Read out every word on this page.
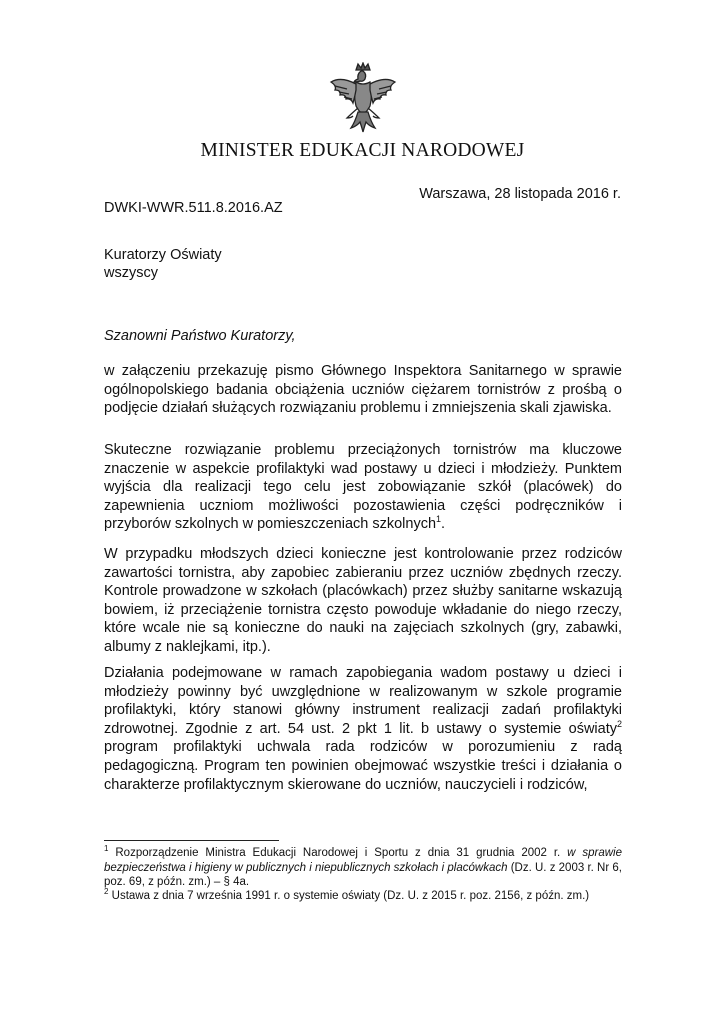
MINISTER EDUKACJI NARODOWEJ
Warszawa, 28 listopada 2016 r.
DWKI-WWR.511.8.2016.AZ
Kuratorzy Oświaty
wszyscy
Szanowni Państwo Kuratorzy,

w załączeniu przekazuję pismo Głównego Inspektora Sanitarnego w sprawie ogólnopolskiego badania obciążenia uczniów ciężarem tornistrów z prośbą o podjęcie działań służących rozwiązaniu problemu i zmniejszenia skali zjawiska.

Skuteczne rozwiązanie problemu przeciążonych tornistrów ma kluczowe znaczenie w aspekcie profilaktyki wad postawy u dzieci i młodzieży. Punktem wyjścia dla realizacji tego celu jest zobowiązanie szkół (placówek) do zapewnienia uczniom możliwości pozostawienia części podręczników i przyborów szkolnych w pomieszczeniach szkolnych$^1$.

W przypadku młodszych dzieci konieczne jest kontrolowanie przez rodziców zawartości tornistra, aby zapobiec zabieraniu przez uczniów zbędnych rzeczy. Kontrole prowadzone w szkołach (placówkach) przez służby sanitarne wskazują bowiem, iż przeciążenie tornistra często powoduje wkładanie do niego rzeczy, które wcale nie są konieczne do nauki na zajęciach szkolnych (gry, zabawki, albumy z naklejkami, itp.).

Działania podejmowane w ramach zapobiegania wadom postawy u dzieci i młodzieży powinny być uwzględnione w realizowanym w szkole programie profilaktyki, który stanowi główny instrument realizacji zadań profilaktyki zdrowotnej. Zgodnie z art. 54 ust. 2 pkt 1 lit. b ustawy o systemie oświaty$^2$ program profilaktyki uchwala rada rodziców w porozumieniu z radą pedagogiczną. Program ten powinien obejmować wszystkie treści i działania o charakterze profilaktycznym skierowane do uczniów, nauczycieli i rodziców,

$^1$ Rozporządzenie Ministra Edukacji Narodowej i Sportu z dnia 31 grudnia 2002 r. w sprawie bezpieczeństwa i higieny w publicznych i niepublicznych szkołach i placówkach (Dz. U. z 2003 r. Nr 6, poz. 69, z późn. zm.) – § 4a.

$^2$ Ustawa z dnia 7 września 1991 r. o systemie oświaty (Dz. U. z 2015 r. poz. 2156, z późn. zm.)
